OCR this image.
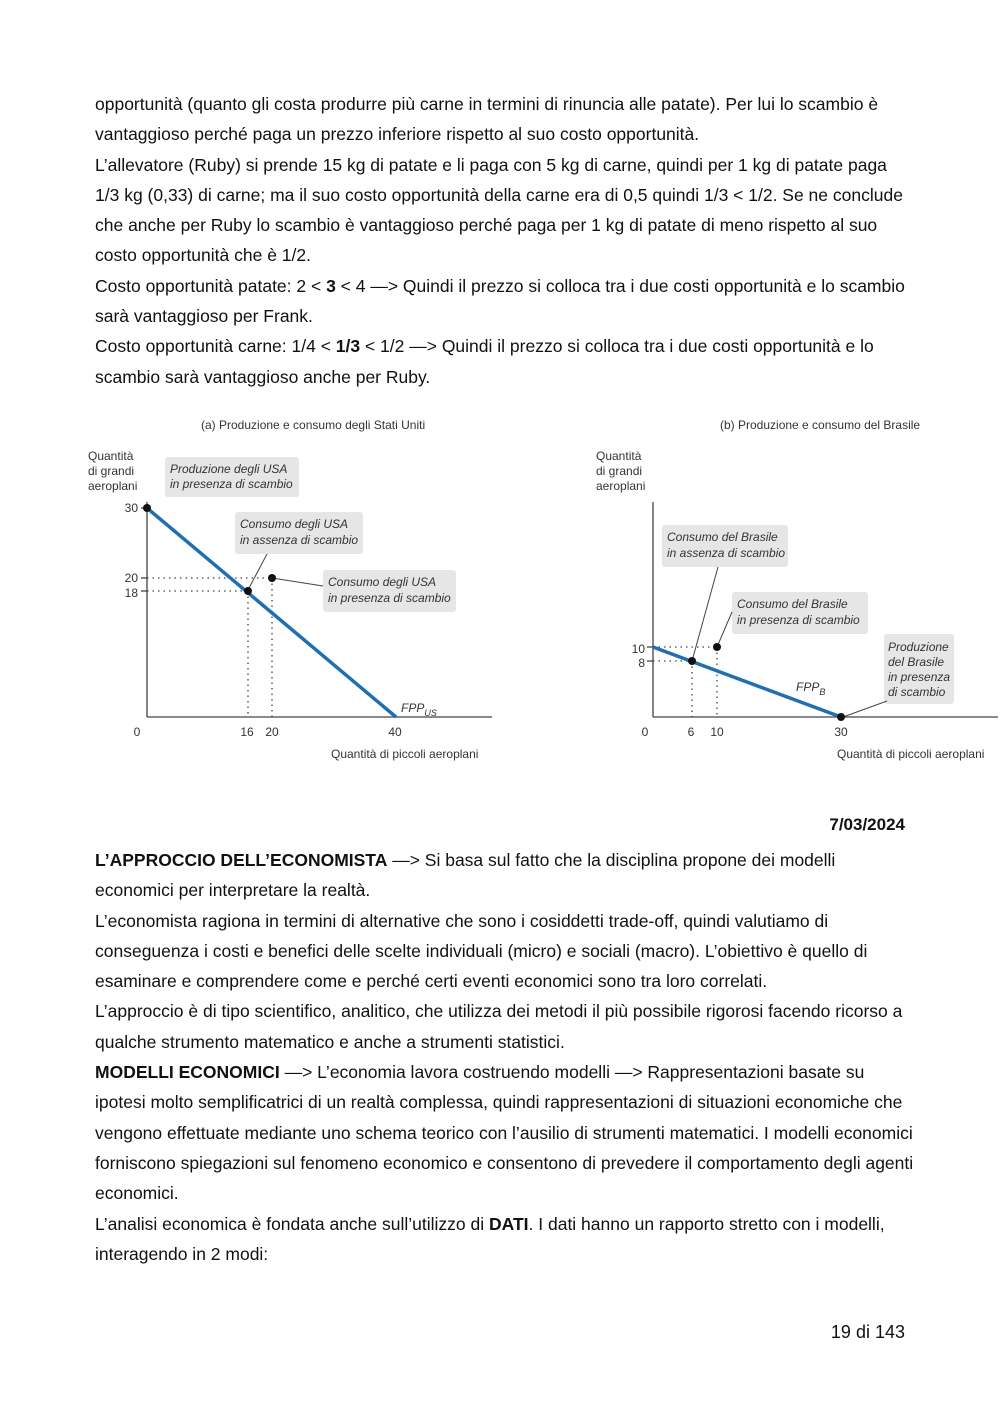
opportunità (quanto gli costa produrre più carne in termini di rinuncia alle patate). Per lui lo scambio è vantaggioso perché paga un prezzo inferiore rispetto al suo costo opportunità.

L’allevatore (Ruby) si prende 15 kg di patate e li paga con 5 kg di carne, quindi per 1 kg di patate paga 1/3 kg (0,33) di carne; ma il suo costo opportunità della carne era di 0,5 quindi 1/3 < 1/2. Se ne conclude che anche per Ruby lo scambio è vantaggioso perché paga per 1 kg di patate di meno rispetto al suo costo opportunità che è 1/2.

Costo opportunità patate: 2 < 3 < 4 —> Quindi il prezzo si colloca tra i due costi opportunità e lo scambio sarà vantaggioso per Frank.

Costo opportunità carne: 1/4 < 1/3 < 1/2 —> Quindi il prezzo si colloca tra i due costi opportunità e lo scambio sarà vantaggioso anche per Ruby.

(a) Produzione e consumo degli Stati Uniti
Quantità
di grandi
aeroplani
Produzione degli USA
in presenza di scambio
Consumo degli USA
in assenza di scambio
Consumo degli USA
in presenza di scambio
$FPP_{US}$
30
20
18
0	16 20	40
Quantità di piccoli aeroplani
(b) Produzione e consumo del Brasile
Quantità
di grandi
aeroplani
Consumo del Brasile
in assenza di scambio
Consumo del Brasile
in presenza di scambio
Produzione
del Brasile
in presenza
di scambio
$FPP_B$
10
8
0	6 10	30
Quantità di piccoli aeroplani
7/03/2024

L’APPROCCIO DELL’ECONOMISTA —> Si basa sul fatto che la disciplina propone dei modelli economici per interpretare la realtà.

L’economista ragiona in termini di alternative che sono i cosiddetti trade-off, quindi valutiamo di conseguenza i costi e benefici delle scelte individuali (micro) e sociali (macro). L’obiettivo è quello di esaminare e comprendere come e perché certi eventi economici sono tra loro correlati.

L’approccio è di tipo scientifico, analitico, che utilizza dei metodi il più possibile rigorosi facendo ricorso a qualche strumento matematico e anche a strumenti statistici.

MODELLI ECONOMICI —> L’economia lavora costruendo modelli —> Rappresentazioni basate su ipotesi molto semplificatrici di un realtà complessa, quindi rappresentazioni di situazioni economiche che vengono effettuate mediante uno schema teorico con l’ausilio di strumenti matematici. I modelli economici forniscono spiegazioni sul fenomeno economico e consentono di prevedere il comportamento degli agenti economici.

L’analisi economica è fondata anche sull’utilizzo di DATI. I dati hanno un rapporto stretto con i modelli, interagendo in 2 modi:

19 di 143
